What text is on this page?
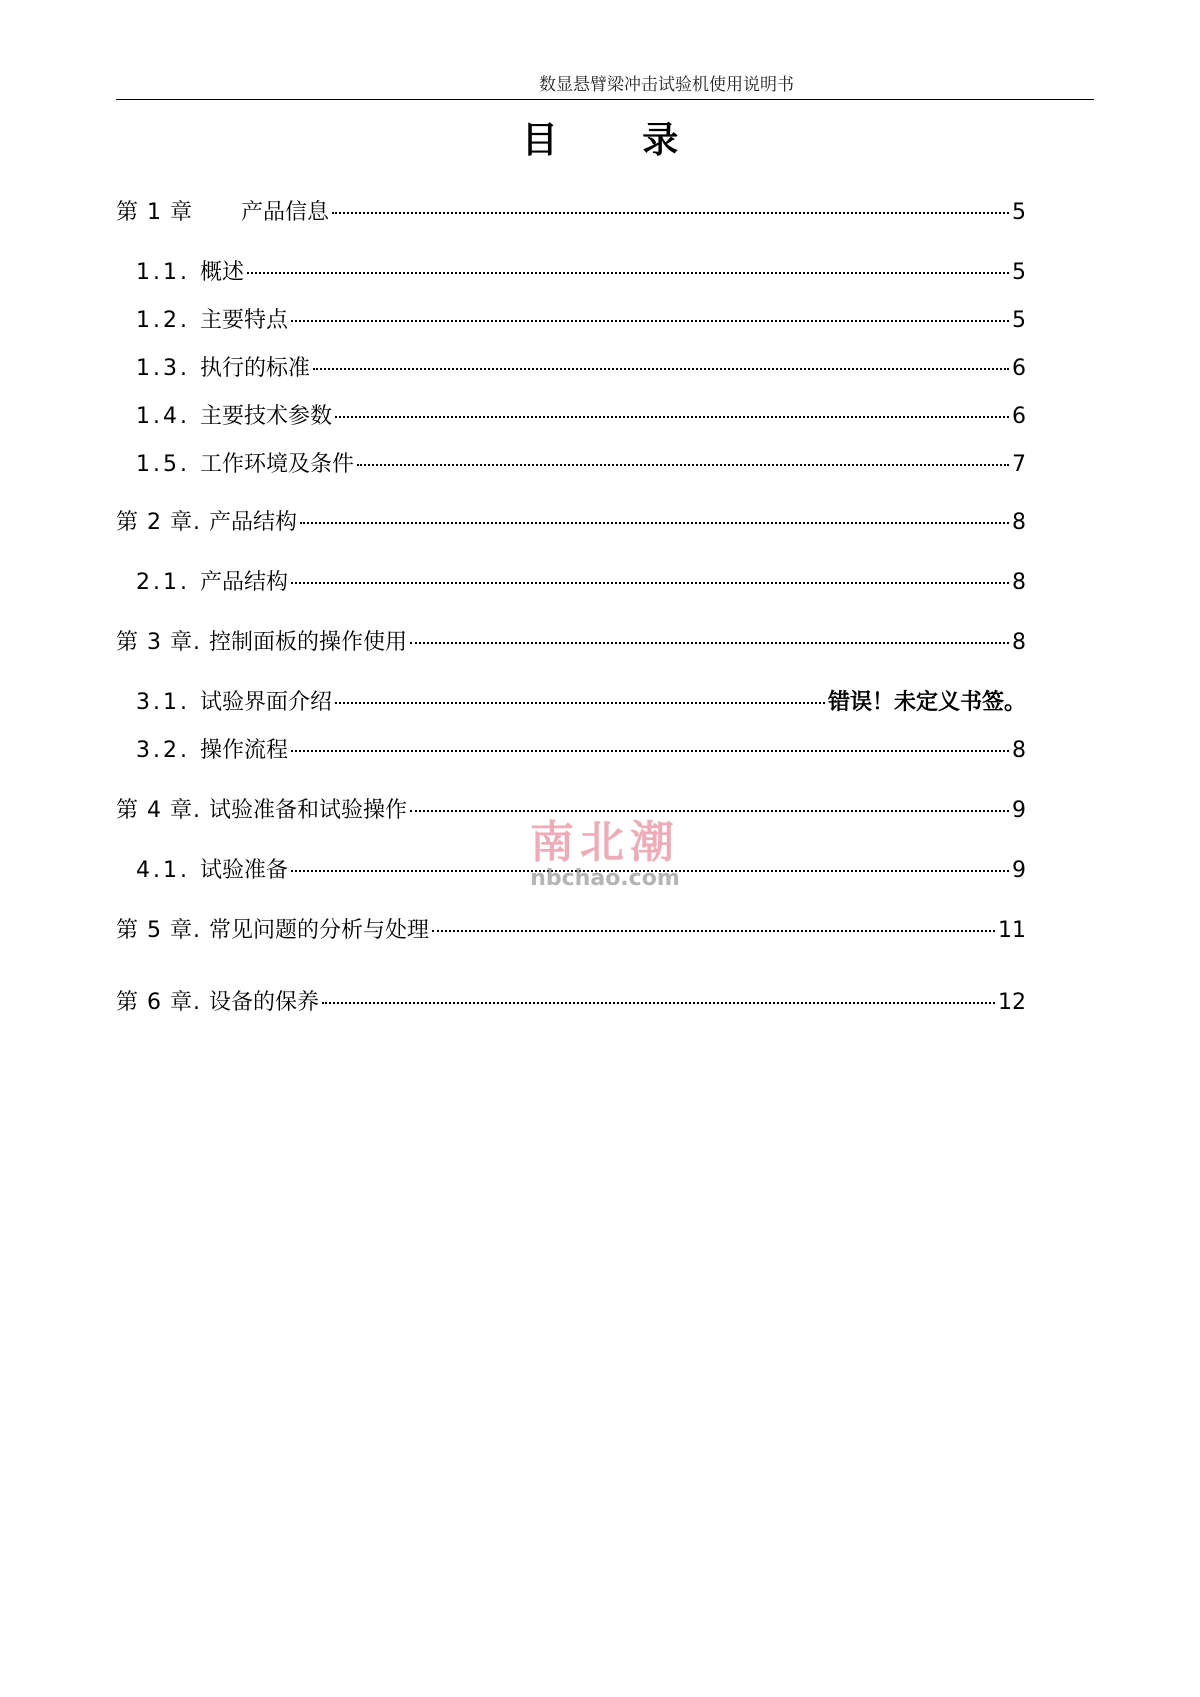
数显悬臂梁冲击试验机使用说明书
目 录
第 1 章 产品信息	5
1.1. 概述	5
1.2. 主要特点	5
1.3. 执行的标准	6
1.4. 主要技术参数	6
1.5. 工作环境及条件	7
第 2 章. 产品结构	8
2.1. 产品结构	8
第 3 章. 控制面板的操作使用	8
3.1. 试验界面介绍	错误！未定义书签。
3.2. 操作流程	8
第 4 章. 试验准备和试验操作	9
4.1. 试验准备	9
第 5 章. 常见问题的分析与处理	11
第 6 章. 设备的保养	12
南北潮
nbchao.com
